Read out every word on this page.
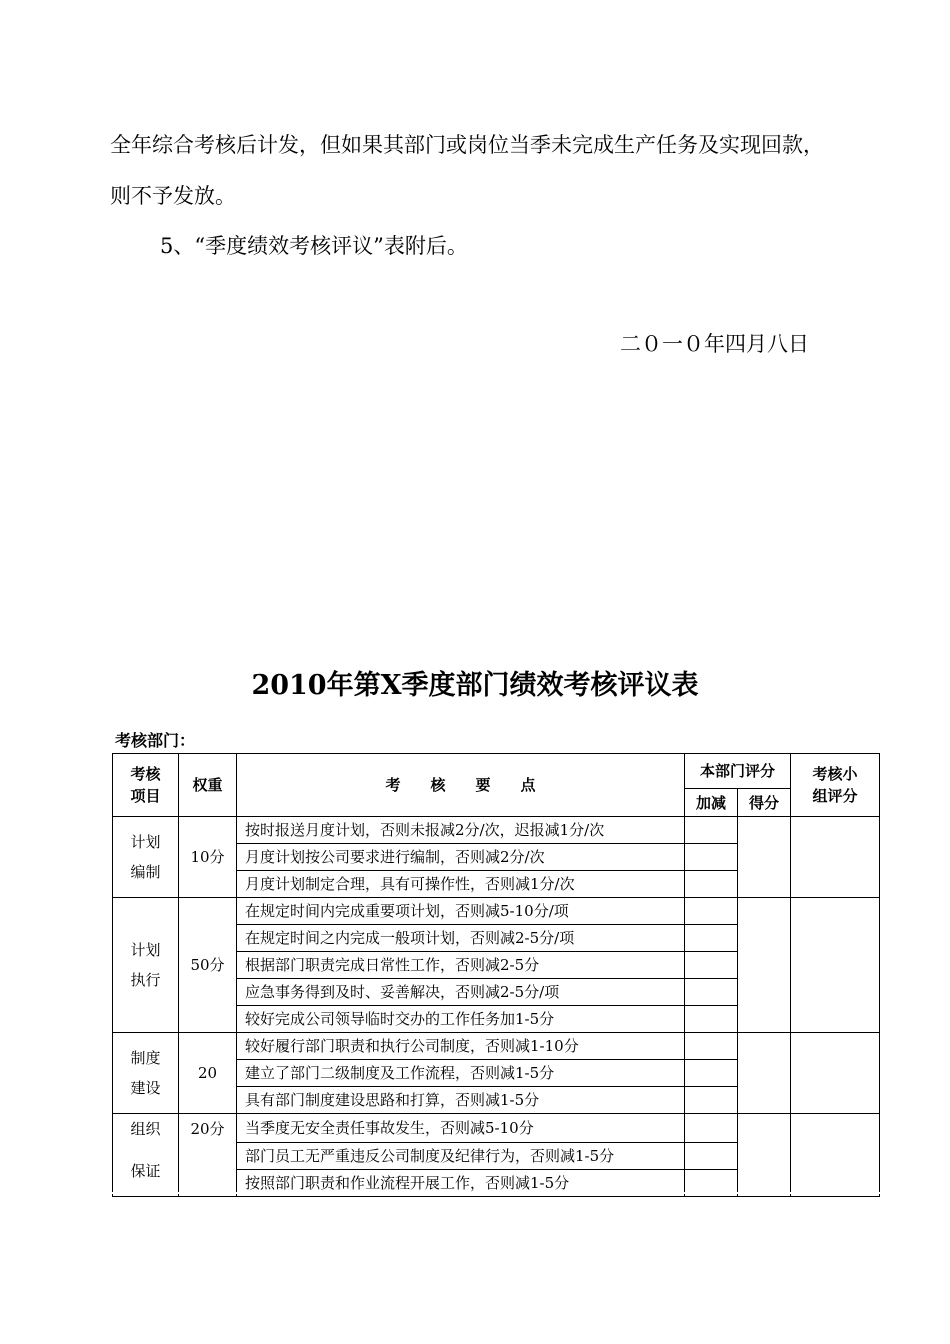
全年综合考核后计发，但如果其部门或岗位当季未完成生产任务及实现回款，
则不予发放。
5、“季度绩效考核评议”表附后。
二０一０年四月八日
2010年第X季度部门绩效考核评议表
考核部门：
考核项目	权重	考　　核　　要　　点	本部门评分		考核小组评分
			加减	得分	
计划编制	10分	按时报送月度计划，否则未报减2分/次，迟报减1分/次			
		月度计划按公司要求进行编制，否则减2分/次			
		月度计划制定合理，具有可操作性，否则减1分/次			
计划执行	50分	在规定时间内完成重要项计划，否则减5-10分/项			
		在规定时间之内完成一般项计划，否则减2-5分/项			
		根据部门职责完成日常性工作，否则减2-5分			
		应急事务得到及时、妥善解决，否则减2-5分/项			
		较好完成公司领导临时交办的工作任务加1-5分			
制度建设	20	较好履行部门职责和执行公司制度，否则减1-10分			
		建立了部门二级制度及工作流程，否则减1-5分			
		具有部门制度建设思路和打算，否则减1-5分			
组织
保证	20分	当季度无安全责任事故发生，否则减5-10分			
		部门员工无严重违反公司制度及纪律行为，否则减1-5分			
		按照部门职责和作业流程开展工作，否则减1-5分			
